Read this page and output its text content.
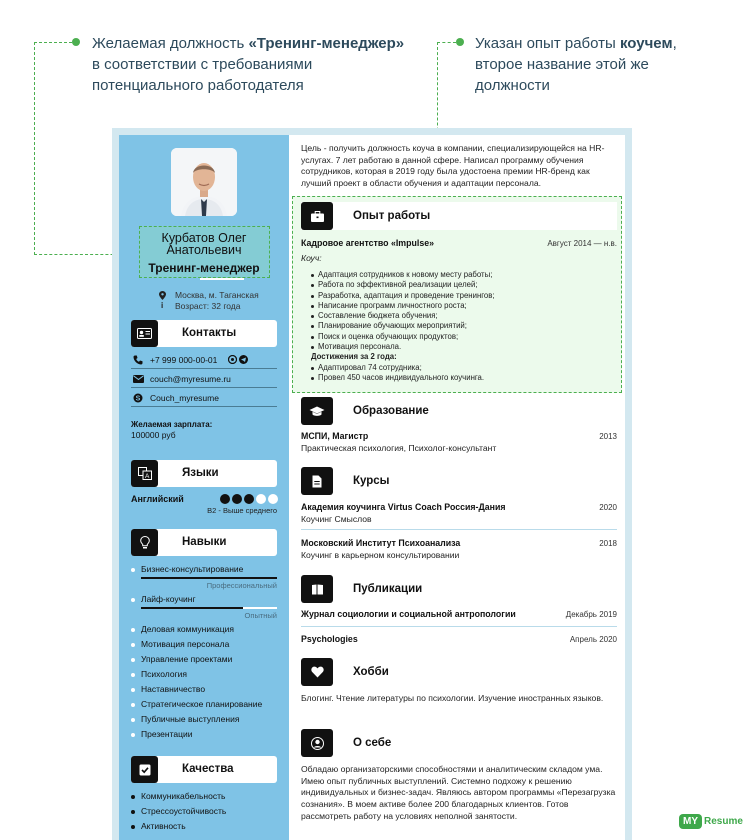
Желаемая должность «Тренинг-менеджер»
в соответствии с требованиями
потенциального работодателя
Указан опыт работы коучем,
второе название этой же
должности
Курбатов Олег
Анатольевич
Тренинг-менеджер
Москва, м. Таганская
i Возраст: 32 года
Контакты
+7 999 000-00-01
couch@myresume.ru
S Couch_myresume
Желаемая зарплата:
100000 руб
A	Языки
Английский
B2 - Выше среднего
Навыки
Бизнес-консультирование
Профессиональный
Лайф-коучинг
Опытный
Деловая коммуникация
Мотивация персонала
Управление проектами
Психология
Наставничество
Стратегическое планирование
Публичные выступления
Презентации
Качества
Коммуникабельность
Стрессоустойчивость
Активность
Цель - получить должность коуча в компании, специализирующейся на HR-услугах. 7 лет работаю в данной сфере. Написал программу обучения сотрудников, которая в 2019 году была удостоена премии HR-бренд как лучший проект в области обучения и адаптации персонала.
Опыт работы
Кадровое агентство «Impulse»	Август 2014 — н.в.
Коуч:
Адаптация сотрудников к новому месту работы;
Работа по эффективной реализации целей;
Разработка, адаптация и проведение тренингов;
Написание программ личностного роста;
Составление бюджета обучения;
Планирование обучающих мероприятий;
Поиск и оценка обучающих продуктов;
Мотивация персонала.
Достижения за 2 года:
Адаптировал 74 сотрудника;
Провел 450 часов индивидуального коучинга.
Образование
МСПИ, Магистр	2013
Практическая психология, Психолог-консультант
Курсы
Академия коучинга Virtus Coach Россия-Дания	2020
Коучинг Смыслов
Московский Институт Психоанализа	2018
Коучинг в карьерном консультировании
Публикации
Журнал социологии и социальной антропологии	Декабрь 2019
Psychologies	Апрель 2020
Хобби
Блогинг. Чтение литературы по психологии. Изучение иностранных языков.
О себе
Обладаю организаторскими способностями и аналитическим складом ума. Имею опыт публичных выступлений. Системно подхожу к решению индивидуальных и бизнес-задач. Являюсь автором программы «Перезагрузка сознания». В моем активе более 200 благодарных клиентов. Готов рассмотреть работу на условиях неполной занятости.	MY Resume
